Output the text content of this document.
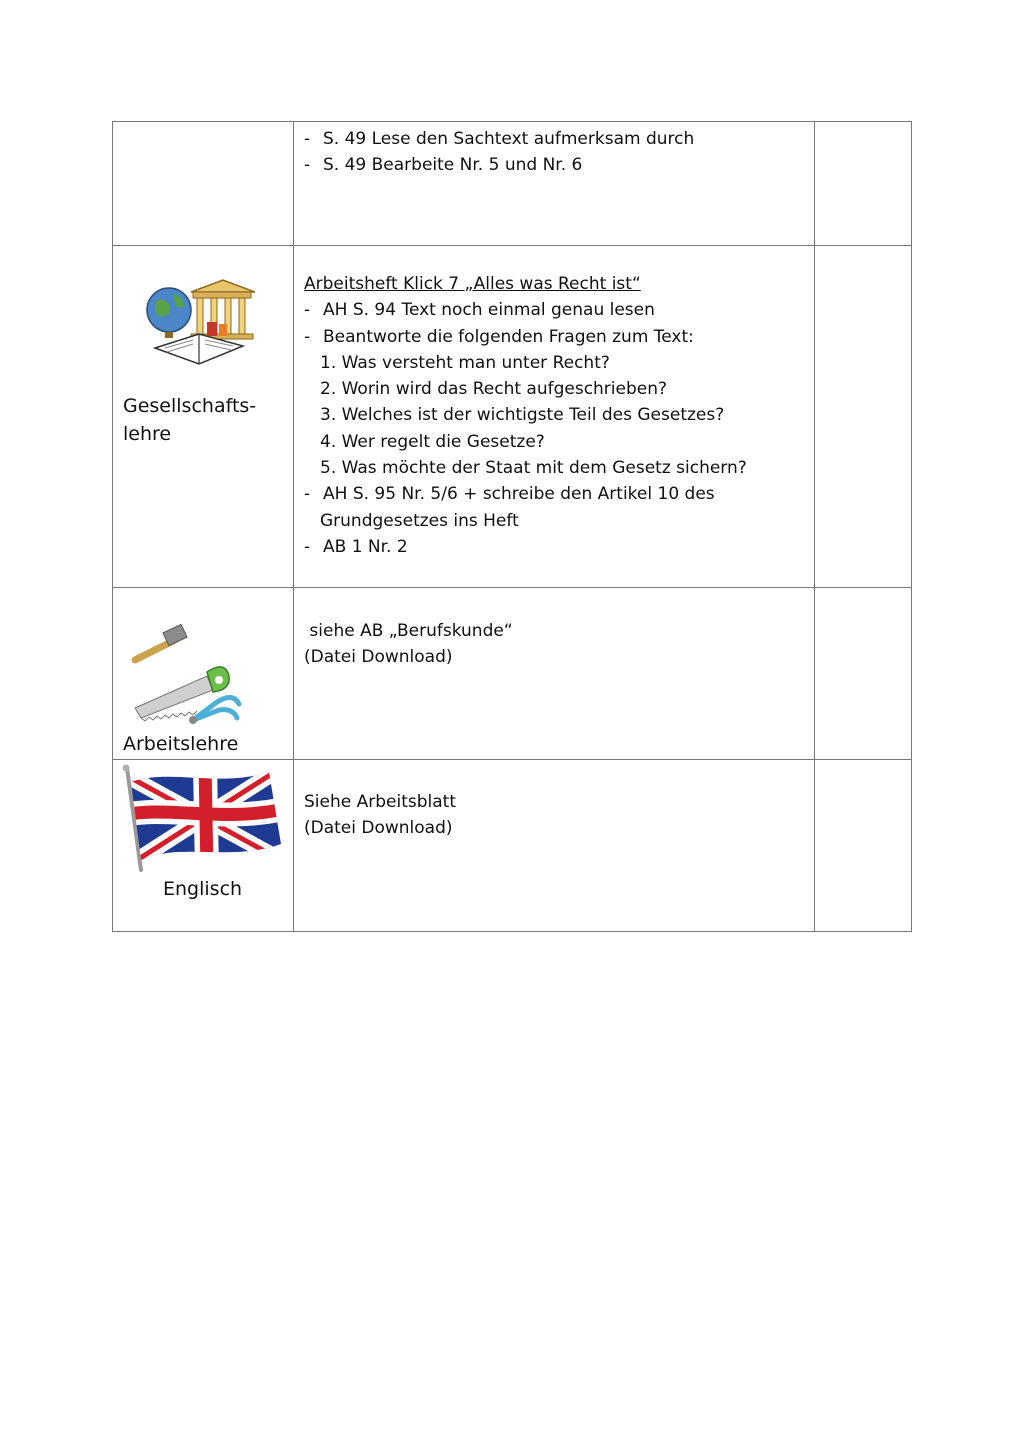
- S. 49 Lese den Sachtext aufmerksam durch
- S. 49 Bearbeite Nr. 5 und Nr. 6
Gesellschafts-
lehre
Arbeitsheft Klick 7 „Alles was Recht ist“
- AH S. 94 Text noch einmal genau lesen
- Beantworte die folgenden Fragen zum Text:
1. Was versteht man unter Recht?
2. Worin wird das Recht aufgeschrieben?
3. Welches ist der wichtigste Teil des Gesetzes?
4. Wer regelt die Gesetze?
5. Was möchte der Staat mit dem Gesetz sichern?
- AH S. 95 Nr. 5/6 + schreibe den Artikel 10 des
Grundgesetzes ins Heft
- AB 1 Nr. 2
Arbeitslehre
siehe AB „Berufskunde“
(Datei Download)
Englisch
Siehe Arbeitsblatt
(Datei Download)
